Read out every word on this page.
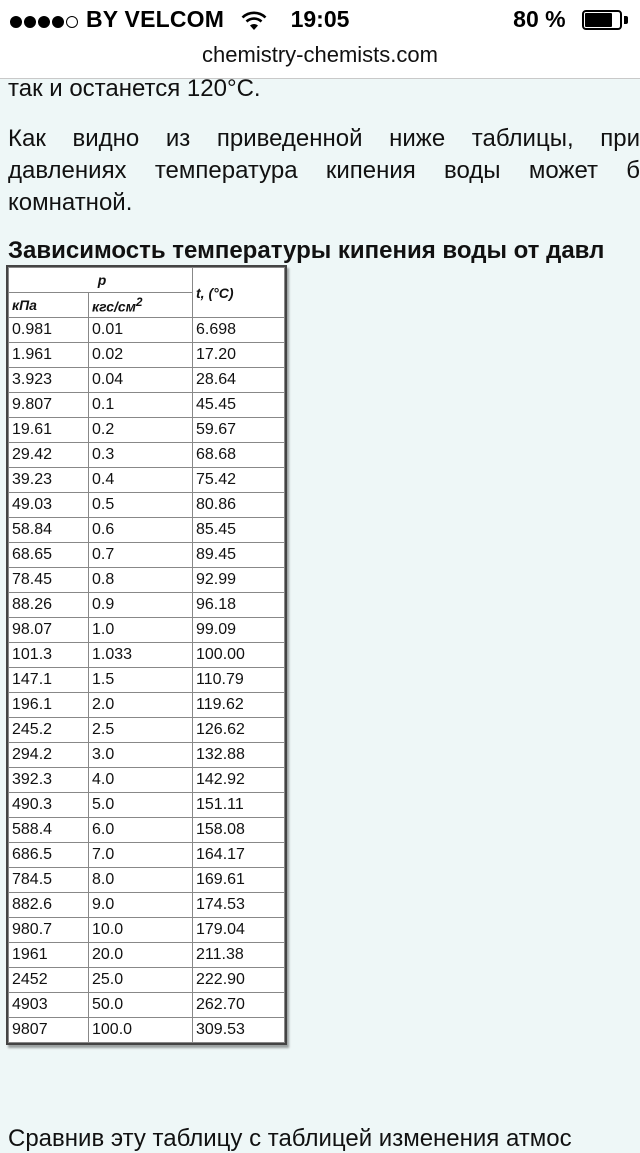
BY VELCOM	19:05	80 %
chemistry-chemists.com
так и останется 120°С.
Как видно из приведенной ниже таблицы, при
давлениях температура кипения воды может б
комнатной.
Зависимость температуры кипения воды от давл
p		t, (°C)
кПа	кгс/$см^2$
0.981	0.01	6.698
1.961	0.02	17.20
3.923	0.04	28.64
9.807	0.1	45.45
19.61	0.2	59.67
29.42	0.3	68.68
39.23	0.4	75.42
49.03	0.5	80.86
58.84	0.6	85.45
68.65	0.7	89.45
78.45	0.8	92.99
88.26	0.9	96.18
98.07	1.0	99.09
101.3	1.033	100.00
147.1	1.5	110.79
196.1	2.0	119.62
245.2	2.5	126.62
294.2	3.0	132.88
392.3	4.0	142.92
490.3	5.0	151.11
588.4	6.0	158.08
686.5	7.0	164.17
784.5	8.0	169.61
882.6	9.0	174.53
980.7	10.0	179.04
1961	20.0	211.38
2452	25.0	222.90
4903	50.0	262.70
9807	100.0	309.53
Сравнив эту таблицу с таблицей изменения атмос
